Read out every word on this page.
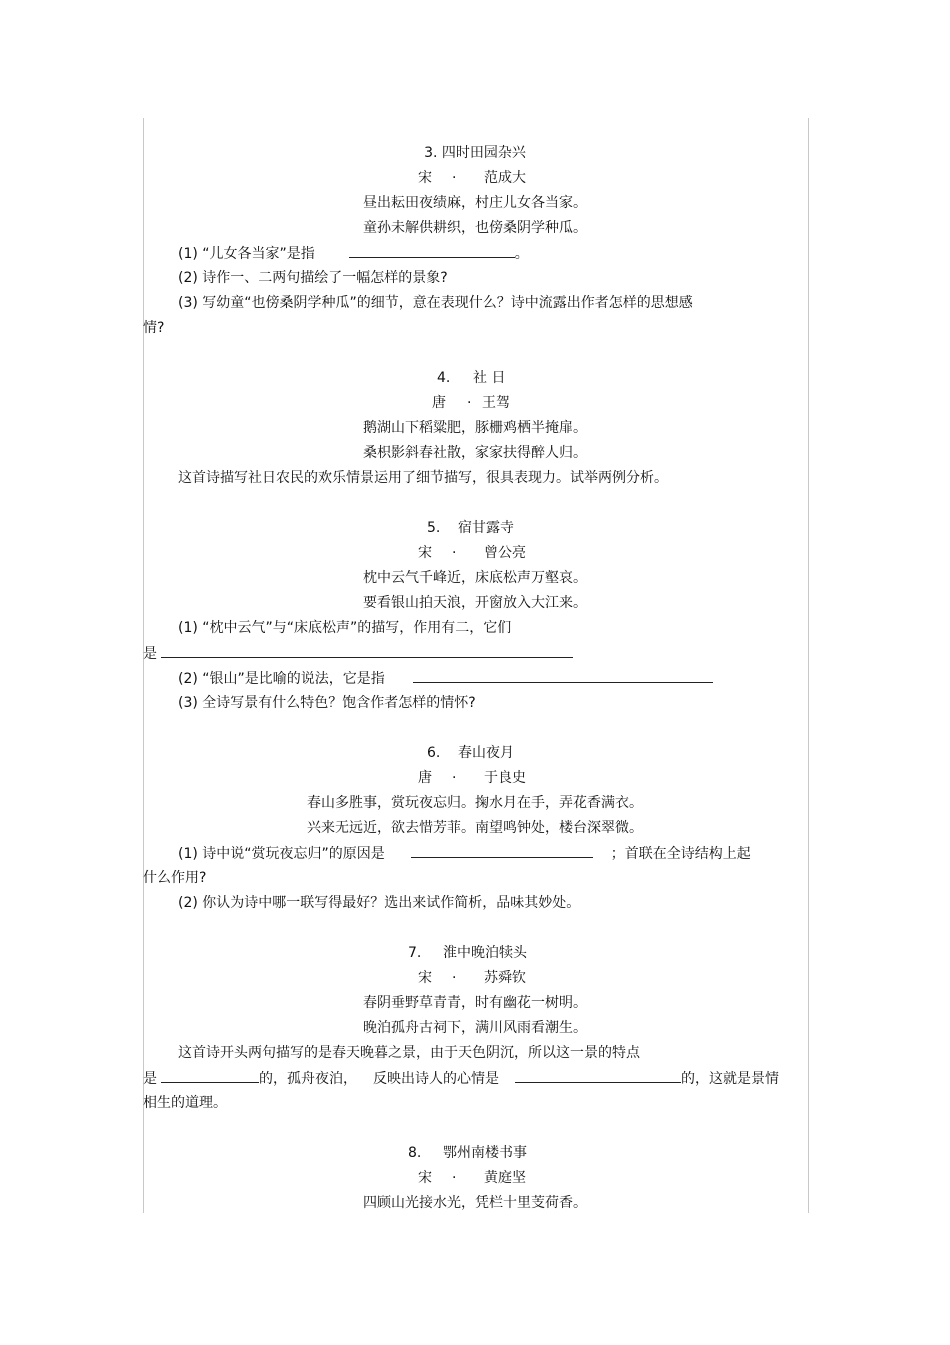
3. 四时田园杂兴
宋 · 范成大
昼出耘田夜绩麻，村庄儿女各当家。
童孙未解供耕织，也傍桑阴学种瓜。
(1) “儿女各当家”是指	。
(2) 诗作一、二两句描绘了一幅怎样的景象?
(3) 写幼童“也傍桑阴学种瓜”的细节，意在表现什么？诗中流露出作者怎样的思想感
情?
4. 社 日
唐 · 王驾
鹅湖山下稻粱肥，豚栅鸡栖半掩扉。
桑枳影斜春社散，家家扶得醉人归。
这首诗描写社日农民的欢乐情景运用了细节描写，很具表现力。试举两例分析。
5. 宿甘露寺
宋 · 曾公亮
枕中云气千峰近，床底松声万壑哀。
要看银山拍天浪，开窗放入大江来。
(1) “枕中云气”与“床底松声”的描写，作用有二，它们
是
(2) “银山”是比喻的说法，它是指
(3) 全诗写景有什么特色？饱含作者怎样的情怀?
6. 春山夜月
唐 · 于良史
春山多胜事，赏玩夜忘归。掬水月在手，弄花香满衣。
兴来无远近，欲去惜芳菲。南望鸣钟处，楼台深翠微。
(1) 诗中说“赏玩夜忘归”的原因是	；首联在全诗结构上起
什么作用?
(2) 你认为诗中哪一联写得最好？选出来试作简析，品味其妙处。
7. 淮中晚泊犊头
宋 · 苏舜钦
春阴垂野草青青，时有幽花一树明。
晚泊孤舟古祠下，满川风雨看潮生。
这首诗开头两句描写的是春天晚暮之景，由于天色阴沉，所以这一景的特点
是	的，孤舟夜泊， 反映出诗人的心情是	的，这就是景情
相生的道理。
8. 鄂州南楼书事
宋 · 黄庭坚
四顾山光接水光，凭栏十里芰荷香。
